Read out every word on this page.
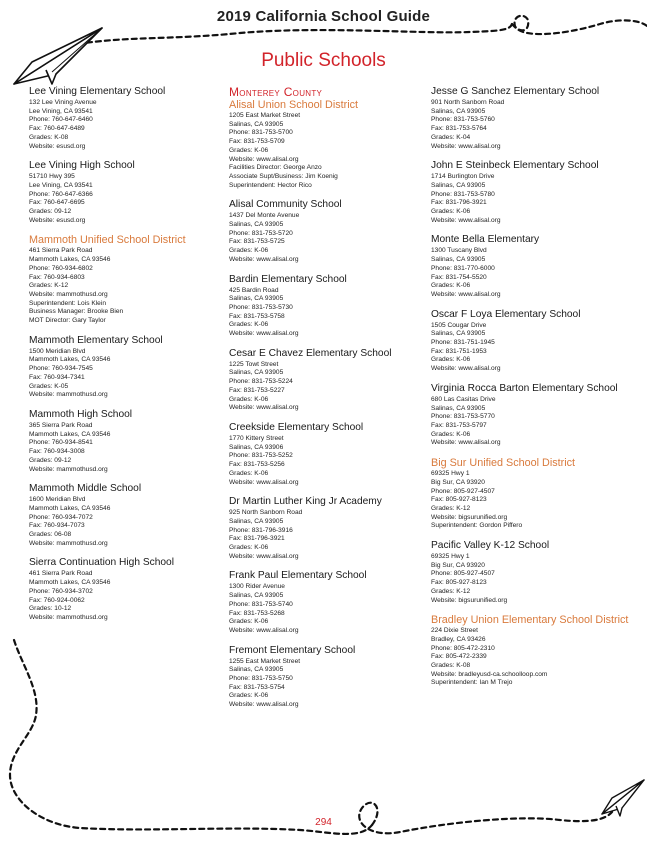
2019 California School Guide
Public Schools
Lee Vining Elementary School
132 Lee Vining Avenue
Lee Vining, CA 93541
Phone: 760-647-6460
Fax: 760-647-6489
Grades: K-08
Website: esusd.org
Lee Vining High School
51710 Hwy 395
Lee Vining, CA 93541
Phone: 760-647-6366
Fax: 760-647-6695
Grades: 09-12
Website: esusd.org
Mammoth Unified School District
461 Sierra Park Road
Mammoth Lakes, CA 93546
Phone: 760-934-6802
Fax: 760-934-6803
Grades: K-12
Website: mammothusd.org
Superintendent: Lois Klein
Business Manager: Brooke Bien
MOT Director: Gary Taylor
Mammoth Elementary School
1500 Meridian Blvd
Mammoth Lakes, CA 93546
Phone: 760-934-7545
Fax: 760-934-7341
Grades: K-05
Website: mammothusd.org
Mammoth High School
365 Sierra Park Road
Mammoth Lakes, CA 93546
Phone: 760-934-8541
Fax: 760-934-3008
Grades: 09-12
Website: mammothusd.org
Mammoth Middle School
1600 Meridian Blvd
Mammoth Lakes, CA 93546
Phone: 760-934-7072
Fax: 760-934-7073
Grades: 06-08
Website: mammothusd.org
Sierra Continuation High School
461 Sierra Park Road
Mammoth Lakes, CA 93546
Phone: 760-934-3702
Fax: 760-924-0062
Grades: 10-12
Website: mammothusd.org
Monterey County
Alisal Union School District
1205 East Market Street
Salinas, CA 93905
Phone: 831-753-5700
Fax: 831-753-5709
Grades: K-06
Website: www.alisal.org
Facilities Director: George Anzo
Associate Supt/Business: Jim Koenig
Superintendent: Hector Rico
Alisal Community School
1437 Del Monte Avenue
Salinas, CA 93905
Phone: 831-753-5720
Fax: 831-753-5725
Grades: K-06
Website: www.alisal.org
Bardin Elementary School
425 Bardin Road
Salinas, CA 93905
Phone: 831-753-5730
Fax: 831-753-5758
Grades: K-06
Website: www.alisal.org
Cesar E Chavez Elementary School
1225 Towt Street
Salinas, CA 93905
Phone: 831-753-5224
Fax: 831-753-5227
Grades: K-06
Website: www.alisal.org
Creekside Elementary School
1770 Kittery Street
Salinas, CA 93906
Phone: 831-753-5252
Fax: 831-753-5256
Grades: K-06
Website: www.alisal.org
Dr Martin Luther King Jr Academy
925 North Sanborn Road
Salinas, CA 93905
Phone: 831-796-3916
Fax: 831-796-3921
Grades: K-06
Website: www.alisal.org
Frank Paul Elementary School
1300 Rider Avenue
Salinas, CA 93905
Phone: 831-753-5740
Fax: 831-753-5268
Grades: K-06
Website: www.alisal.org
Fremont Elementary School
1255 East Market Street
Salinas, CA 93905
Phone: 831-753-5750
Fax: 831-753-5754
Grades: K-06
Website: www.alisal.org
Jesse G Sanchez Elementary School
901 North Sanborn Road
Salinas, CA 93905
Phone: 831-753-5760
Fax: 831-753-5764
Grades: K-04
Website: www.alisal.org
John E Steinbeck Elementary School
1714 Burlington Drive
Salinas, CA 93905
Phone: 831-753-5780
Fax: 831-796-3921
Grades: K-06
Website: www.alisal.org
Monte Bella Elementary
1300 Tuscany Blvd
Salinas, CA 93905
Phone: 831-770-6000
Fax: 831-754-5520
Grades: K-06
Website: www.alisal.org
Oscar F Loya Elementary School
1505 Cougar Drive
Salinas, CA 93905
Phone: 831-751-1945
Fax: 831-751-1953
Grades: K-06
Website: www.alisal.org
Virginia Rocca Barton Elementary School
680 Las Casitas Drive
Salinas, CA 93905
Phone: 831-753-5770
Fax: 831-753-5797
Grades: K-06
Website: www.alisal.org
Big Sur Unified School District
69325 Hwy 1
Big Sur, CA 93920
Phone: 805-927-4507
Fax: 805-927-8123
Grades: K-12
Website: bigsurunified.org
Superintendent: Gordon Piffero
Pacific Valley K-12 School
69325 Hwy 1
Big Sur, CA 93920
Phone: 805-927-4507
Fax: 805-927-8123
Grades: K-12
Website: bigsurunified.org
Bradley Union Elementary School District
224 Dixie Street
Bradley, CA 93426
Phone: 805-472-2310
Fax: 805-472-2339
Grades: K-08
Website: bradleyusd-ca.schoolloop.com
Superintendent: Ian M Trejo
294
